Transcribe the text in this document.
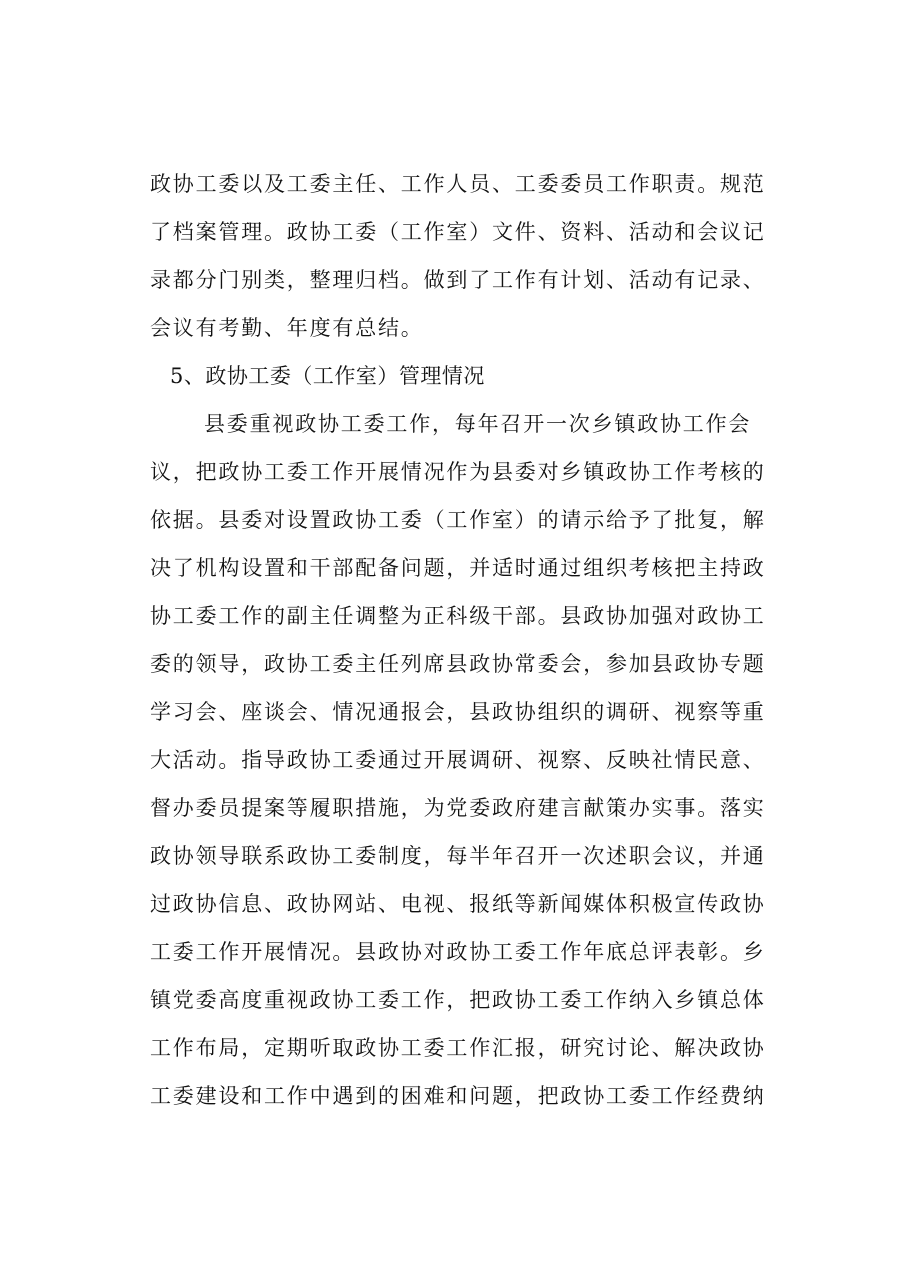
政协工委以及工委主任、工作人员、工委委员工作职责。规范
了档案管理。政协工委（工作室）文件、资料、活动和会议记
录都分门别类，整理归档。做到了工作有计划、活动有记录、
会议有考勤、年度有总结。
5、政协工委（工作室）管理情况
县委重视政协工委工作，每年召开一次乡镇政协工作会
议，把政协工委工作开展情况作为县委对乡镇政协工作考核的
依据。县委对设置政协工委（工作室）的请示给予了批复，解
决了机构设置和干部配备问题，并适时通过组织考核把主持政
协工委工作的副主任调整为正科级干部。县政协加强对政协工
委的领导，政协工委主任列席县政协常委会，参加县政协专题
学习会、座谈会、情况通报会，县政协组织的调研、视察等重
大活动。指导政协工委通过开展调研、视察、反映社情民意、
督办委员提案等履职措施，为党委政府建言献策办实事。落实
政协领导联系政协工委制度，每半年召开一次述职会议，并通
过政协信息、政协网站、电视、报纸等新闻媒体积极宣传政协
工委工作开展情况。县政协对政协工委工作年底总评表彰。乡
镇党委高度重视政协工委工作，把政协工委工作纳入乡镇总体
工作布局，定期听取政协工委工作汇报，研究讨论、解决政协
工委建设和工作中遇到的困难和问题，把政协工委工作经费纳
